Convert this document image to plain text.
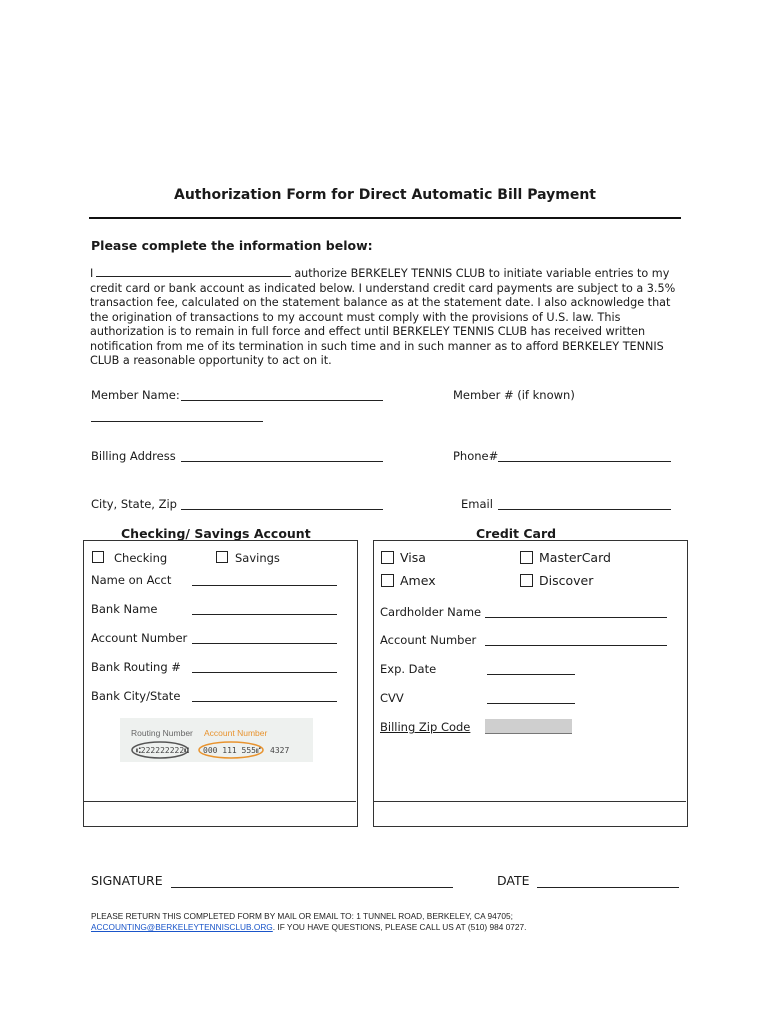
Authorization Form for Direct Automatic Bill Payment
Please complete the information below:
I	authorize BERKELEY TENNIS CLUB to initiate variable entries to my credit card or bank account as indicated below. I understand credit card payments are subject to a 3.5% transaction fee, calculated on the statement balance as at the statement date. I also acknowledge that the origination of transactions to my account must comply with the provisions of U.S. law. This authorization is to remain in full force and effect until BERKELEY TENNIS CLUB has received written notification from me of its termination in such time and in such manner as to afford BERKELEY TENNIS CLUB a reasonable opportunity to act on it.
Member Name:	Member # (if known)
Billing Address	Phone#
City, State, Zip	Email
Checking/ Savings Account	Credit Card
Checking	Savings
Name on Acct
Bank Name
Account Number
Bank Routing #
Bank City/State
Routing Number Account Number
⑆222222222⑆ 000 111 555⑈ 4327
Visa	MasterCard
Amex	Discover
Cardholder Name
Account Number
Exp. Date
CVV
Billing Zip Code
SIGNATURE	DATE
PLEASE RETURN THIS COMPLETED FORM BY MAIL OR EMAIL TO: 1 TUNNEL ROAD, BERKELEY, CA 94705;
ACCOUNTING@BERKELEYTENNISCLUB.ORG. IF YOU HAVE QUESTIONS, PLEASE CALL US AT (510) 984 0727.
